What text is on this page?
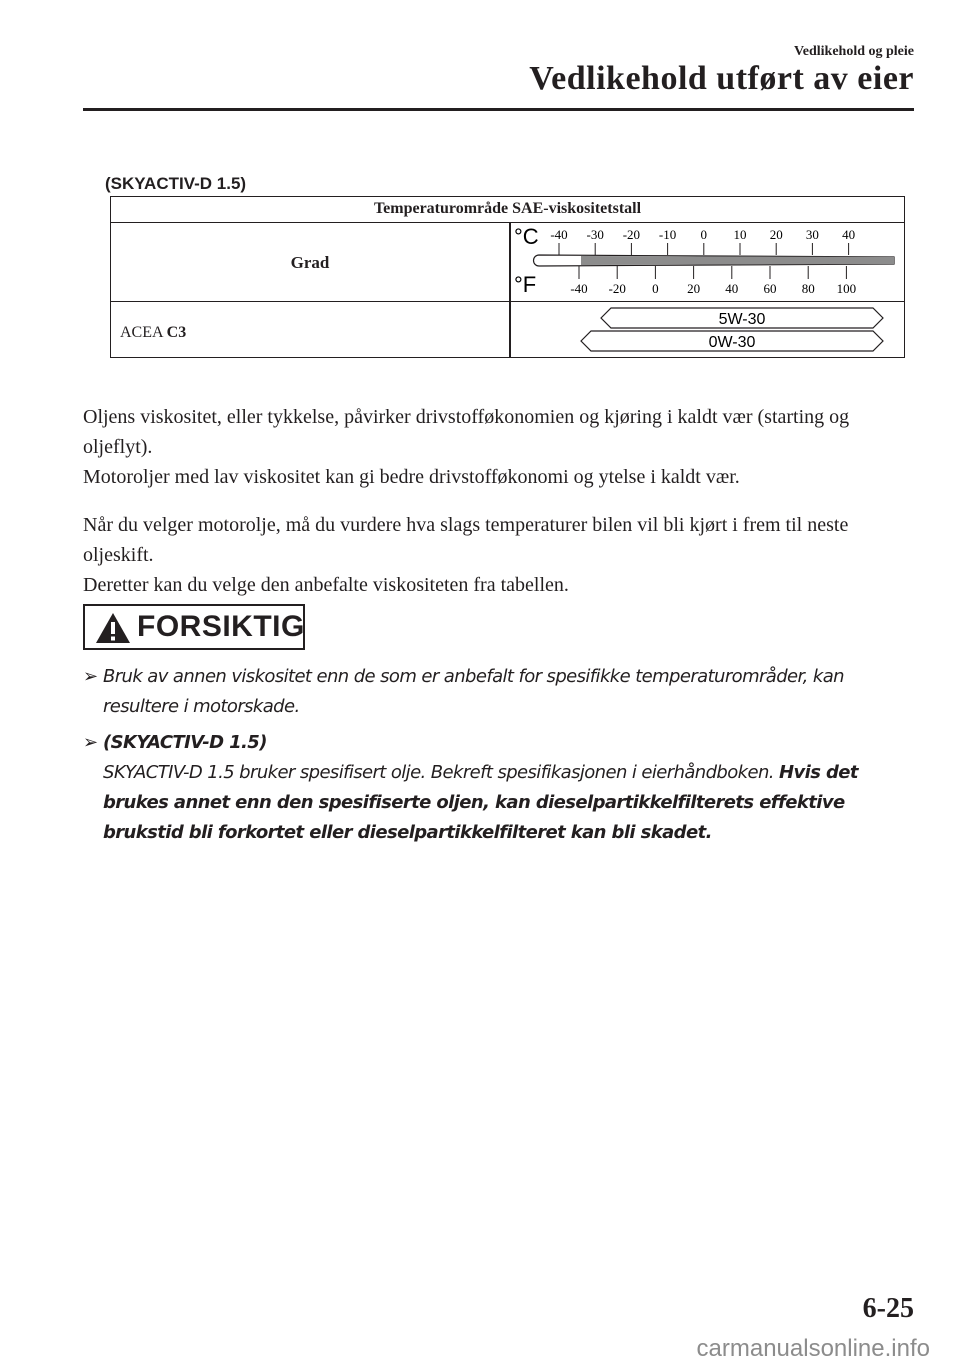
Vedlikehold og pleie
Vedlikehold utført av eier
(SKYACTIV-D 1.5)
Temperaturområde SAE-viskositetstall
Grad
ACEA C3
°C
°F
-40 -30 -20 -10 0 10 20 30 40
-40 -20 0 20 40 60 80 100
5W-30
0W-30

Oljens viskositet, eller tykkelse, påvirker drivstofføkonomien og kjøring i kaldt vær (starting og oljeflyt).

Motoroljer med lav viskositet kan gi bedre drivstofføkonomi og ytelse i kaldt vær.

Når du velger motorolje, må du vurdere hva slags temperaturer bilen vil bli kjørt i frem til neste oljeskift.

Deretter kan du velge den anbefalte viskositeten fra tabellen.

FORSIKTIG
➢ Bruk av annen viskositet enn de som er anbefalt for spesifikke temperaturområder, kan resultere i motorskade.
➢ (SKYACTIV-D 1.5)
SKYACTIV-D 1.5 bruker spesifisert olje. Bekreft spesifikasjonen i eierhåndboken. Hvis det brukes annet enn den spesifiserte oljen, kan dieselpartikkelfilterets effektive brukstid bli forkortet eller dieselpartikkelfilteret kan bli skadet.
6-25
carmanualsonline.info
